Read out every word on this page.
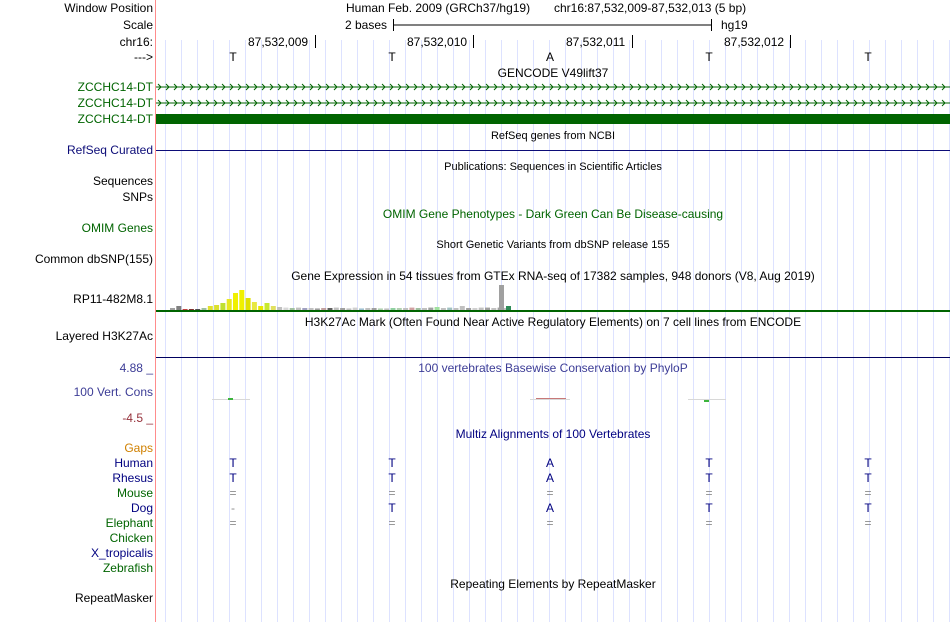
Window Position
Scale
chr16:
--->
ZCCHC14-DT
ZCCHC14-DT
ZCCHC14-DT
RefSeq Curated
Sequences
SNPs
OMIM Genes
Common dbSNP(155)
RP11-482M8.1
Layered H3K27Ac
4.88 _
100 Vert. Cons
-4.5 _
Gaps
RepeatMasker
Human Feb. 2009 (GRCh37/hg19) chr16:87,532,009-87,532,013 (5 bp)
2 bases	hg19
87,532,009	87,532,010	87,532,011	87,532,012
T	T	A	T	T
GENCODE V49lift37
RefSeq genes from NCBI
Publications: Sequences in Scientific Articles
OMIM Gene Phenotypes - Dark Green Can Be Disease-causing
Short Genetic Variants from dbSNP release 155
Gene Expression in 54 tissues from GTEx RNA-seq of 17382 samples, 948 donors (V8, Aug 2019)
H3K27Ac Mark (Often Found Near Active Regulatory Elements) on 7 cell lines from ENCODE
100 vertebrates Basewise Conservation by PhyloP
Multiz Alignments of 100 Vertebrates
Repeating Elements by RepeatMasker
Human	T	T	A	T	T
Rhesus	T	T	A	T	T
Mouse	=	=	=	=	=
Dog	-	T	A	T	T
Elephant	=	=	=	=	=
Chicken
X_tropicalis
Zebrafish
